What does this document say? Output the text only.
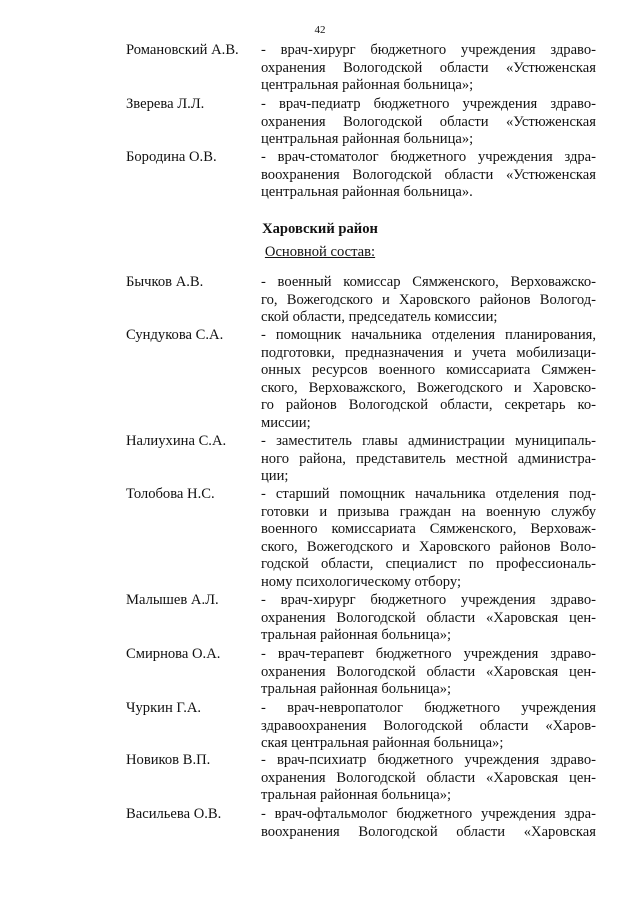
42
Романовский А.В. - врач-хирург бюджетного учреждения здраво-
охранения Вологодской области «Устюженская
центральная районная больница»;
Зверева Л.Л.	- врач-педиатр бюджетного учреждения здраво-
охранения Вологодской области «Устюженская
центральная районная больница»;
Бородина О.В.	- врач-стоматолог бюджетного учреждения здра-
воохранения Вологодской области «Устюженская
центральная районная больница».
Харовский район
Основной состав:
Бычков А.В.	- военный комиссар Сямженского, Верховажско-
го, Вожегодского и Харовского районов Вологод-
ской области, председатель комиссии;
Сундукова С.А.	- помощник начальника отделения планирования,
подготовки, предназначения и учета мобилизаци-
онных ресурсов военного комиссариата Сямжен-
ского, Верховажского, Вожегодского и Харовско-
го районов Вологодской области, секретарь ко-
миссии;
Налиухина С.А. - заместитель главы администрации муниципаль-
ного района, представитель местной администра-
ции;
Толобова Н.С.	- старший помощник начальника отделения под-
готовки и призыва граждан на военную службу
военного комиссариата Сямженского, Верховаж-
ского, Вожегодского и Харовского районов Воло-
годской области, специалист по профессиональ-
ному психологическому отбору;
Малышев А.Л.	- врач-хирург бюджетного учреждения здраво-
охранения Вологодской области «Харовская цен-
тральная районная больница»;
Смирнова О.А.	- врач-терапевт бюджетного учреждения здраво-
охранения Вологодской области «Харовская цен-
тральная районная больница»;
Чуркин Г.А.	- врач-невропатолог бюджетного учреждения
здравоохранения Вологодской области «Харов-
ская центральная районная больница»;
Новиков В.П.	- врач-психиатр бюджетного учреждения здраво-
охранения Вологодской области «Харовская цен-
тральная районная больница»;
Васильева О.В.	- врач-офтальмолог бюджетного учреждения здра-
воохранения Вологодской области «Харовская
